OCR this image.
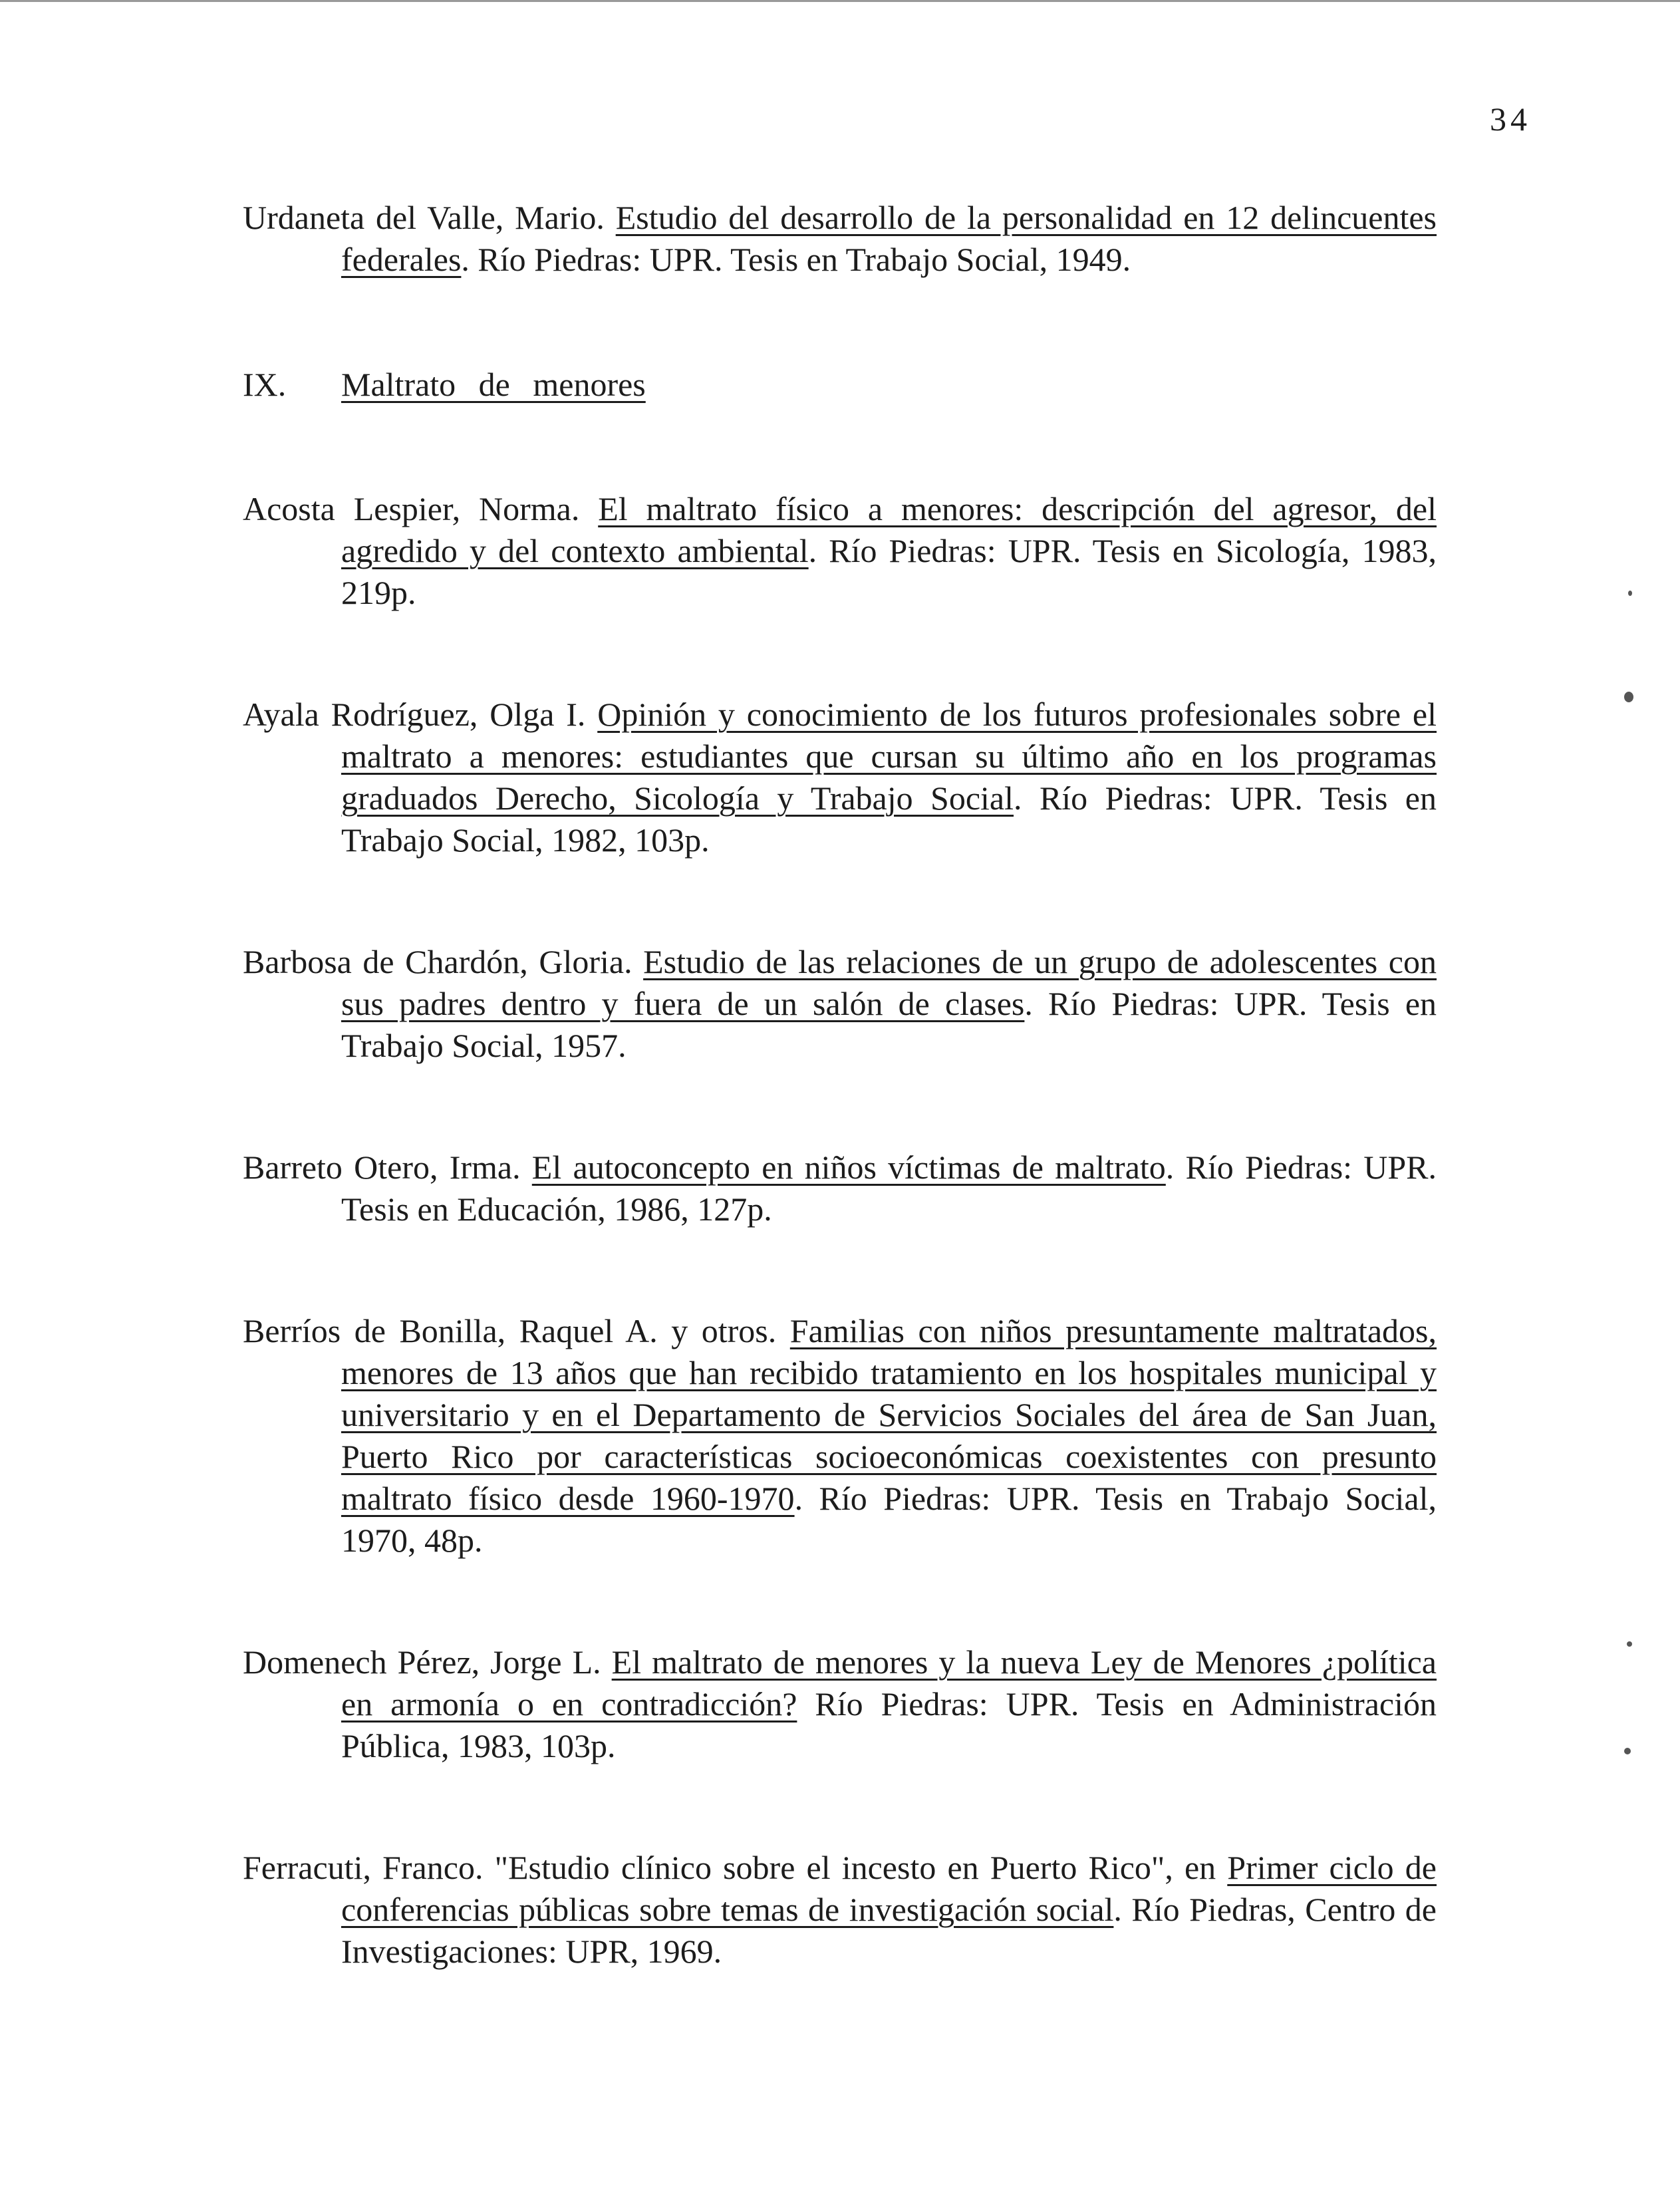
34

Urdaneta del Valle, Mario. Estudio del desarrollo de la personalidad en 12 delincuentes federales. Río Piedras: UPR. Tesis en Trabajo Social, 1949.

IX. Maltrato de menores

Acosta Lespier, Norma. El maltrato físico a menores: descripción del agresor, del agredido y del contexto ambiental. Río Piedras: UPR. Tesis en Sicología, 1983, 219p.

Ayala Rodríguez, Olga I. Opinión y conocimiento de los futuros profesionales sobre el maltrato a menores: estudiantes que cursan su último año en los programas graduados Derecho, Sicología y Trabajo Social. Río Piedras: UPR. Tesis en Trabajo Social, 1982, 103p.

Barbosa de Chardón, Gloria. Estudio de las relaciones de un grupo de adolescentes con sus padres dentro y fuera de un salón de clases. Río Piedras: UPR. Tesis en Trabajo Social, 1957.

Barreto Otero, Irma. El autoconcepto en niños víctimas de maltrato. Río Piedras: UPR. Tesis en Educación, 1986, 127p.

Berríos de Bonilla, Raquel A. y otros. Familias con niños presuntamente maltratados, menores de 13 años que han recibido tratamiento en los hospitales municipal y universitario y en el Departamento de Servicios Sociales del área de San Juan, Puerto Rico por características socioeconómicas coexistentes con presunto maltrato físico desde 1960-1970. Río Piedras: UPR. Tesis en Trabajo Social, 1970, 48p.

Domenech Pérez, Jorge L. El maltrato de menores y la nueva Ley de Menores ¿política en armonía o en contradicción? Río Piedras: UPR. Tesis en Administración Pública, 1983, 103p.

Ferracuti, Franco. "Estudio clínico sobre el incesto en Puerto Rico", en Primer ciclo de conferencias públicas sobre temas de investigación social. Río Piedras, Centro de Investigaciones: UPR, 1969.
